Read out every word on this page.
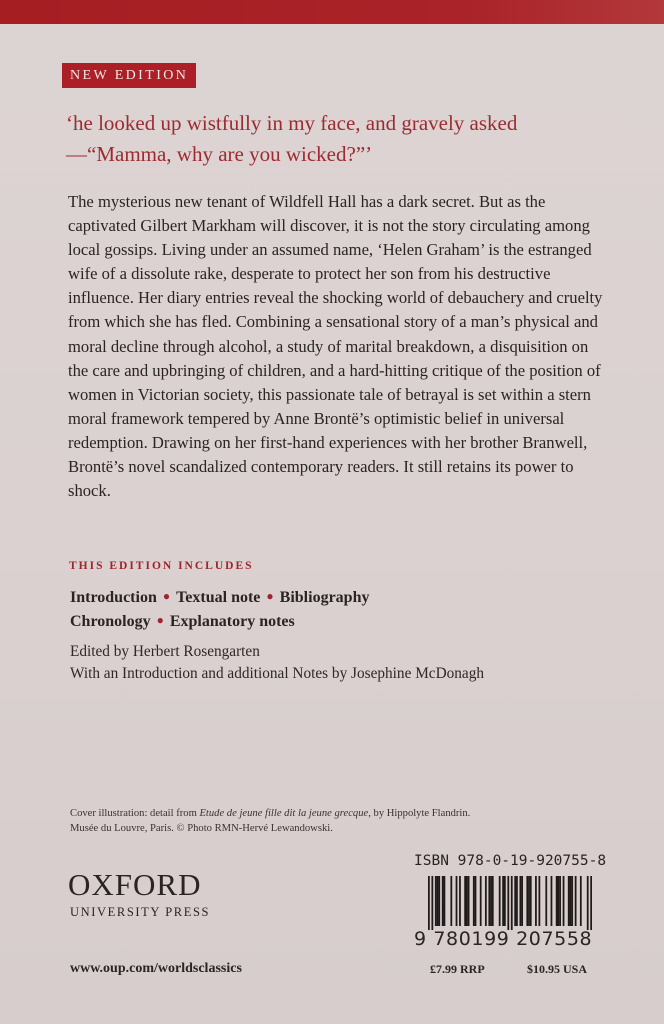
NEW EDITION
‘he looked up wistfully in my face, and gravely asked—“Mamma, why are you wicked?”’
The mysterious new tenant of Wildfell Hall has a dark secret. But as the captivated Gilbert Markham will discover, it is not the story circulating among local gossips. Living under an assumed name, ‘Helen Graham’ is the estranged wife of a dissolute rake, desperate to protect her son from his destructive influence. Her diary entries reveal the shocking world of debauchery and cruelty from which she has fled. Combining a sensational story of a man’s physical and moral decline through alcohol, a study of marital breakdown, a disquisition on the care and upbringing of children, and a hard-hitting critique of the position of women in Victorian society, this passionate tale of betrayal is set within a stern moral framework tempered by Anne Brontë’s optimistic belief in universal redemption. Drawing on her first-hand experiences with her brother Branwell, Brontë’s novel scandalized contemporary readers. It still retains its power to shock.
THIS EDITION INCLUDES
Introduction ● Textual note ● Bibliography
Chronology ● Explanatory notes
Edited by Herbert Rosengarten
With an Introduction and additional Notes by Josephine McDonagh
Cover illustration: detail from Etude de jeune fille dit la jeune grecque, by Hippolyte Flandrin.
Musée du Louvre, Paris. © Photo RMN-Hervé Lewandowski.
OXFORD
UNIVERSITY PRESS
www.oup.com/worldsclassics
ISBN 978-0-19-920755-8
9 780199 207558
£7.99 RRP	$10.95 USA
